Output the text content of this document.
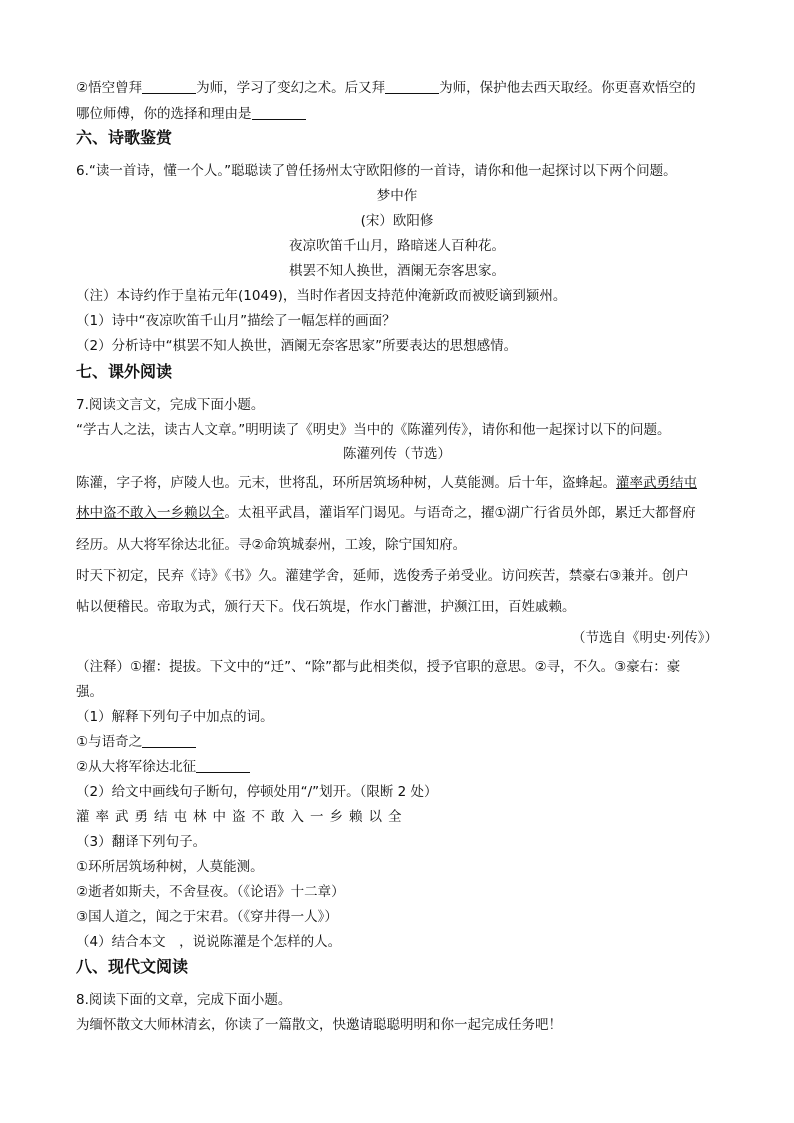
②悟空曾拜	为师，学习了变幻之术。后又拜	为师，保护他去西天取经。你更喜欢悟空的
哪位师傅，你的选择和理由是
六、诗歌鉴赏
6.“读一首诗，懂一个人。”聪聪读了曾任扬州太守欧阳修的一首诗，请你和他一起探讨以下两个问题。
梦中作
(宋）欧阳修
夜凉吹笛千山月，路暗迷人百种花。
棋罢不知人换世，酒阑无奈客思家。
（注）本诗约作于皇祐元年(1049)，当时作者因支持范仲淹新政而被贬谪到颍州。
（1）诗中“夜凉吹笛千山月”描绘了一幅怎样的画面？
（2）分析诗中“棋罢不知人换世，酒阑无奈客思家”所要表达的思想感情。
七、课外阅读
7.阅读文言文，完成下面小题。
“学古人之法，读古人文章。”明明读了《明史》当中的《陈灌列传》，请你和他一起探讨以下的问题。
陈灌列传（节选）
陈灌，字子将，庐陵人也。元末，世将乱，环所居筑场种树，人莫能测。后十年，盗蜂起。灌率武勇结屯
林中盗不敢入一乡赖以全。太祖平武昌，灌诣军门谒见。与语奇之，擢①湖广行省员外郎，累迁大都督府
经历。从大将军徐达北征。寻②命筑城泰州，工竣，除宁国知府。
时天下初定，民弃《诗》《书》久。灌建学舍，延师，选俊秀子弟受业。访问疾苦，禁豪右③兼并。创户
帖以便稽民。帝取为式，颁行天下。伐石筑堤，作水门蓄泄，护濒江田，百姓戚赖。
（节选自《明史·列传》）
（注释）①擢：提拔。下文中的“迁”、“除”都与此相类似，授予官职的意思。②寻，不久。③豪右：豪
强。
（1）解释下列句子中加点的词。
①与语奇之
②从大将军徐达北征
（2）给文中画线句子断句，停顿处用“/”划开。（限断 2 处）
灌率武勇结屯林中盗不敢入一乡赖以全
（3）翻译下列句子。
①环所居筑场种树，人莫能测。
②逝者如斯夫，不舍昼夜。（《论语》十二章）
③国人道之，闻之于宋君。（《穿井得一人》）
（4）结合本文　，说说陈灌是个怎样的人。
八、现代文阅读
8.阅读下面的文章，完成下面小题。
为缅怀散文大师林清玄，你读了一篇散文，快邀请聪聪明明和你一起完成任务吧！
